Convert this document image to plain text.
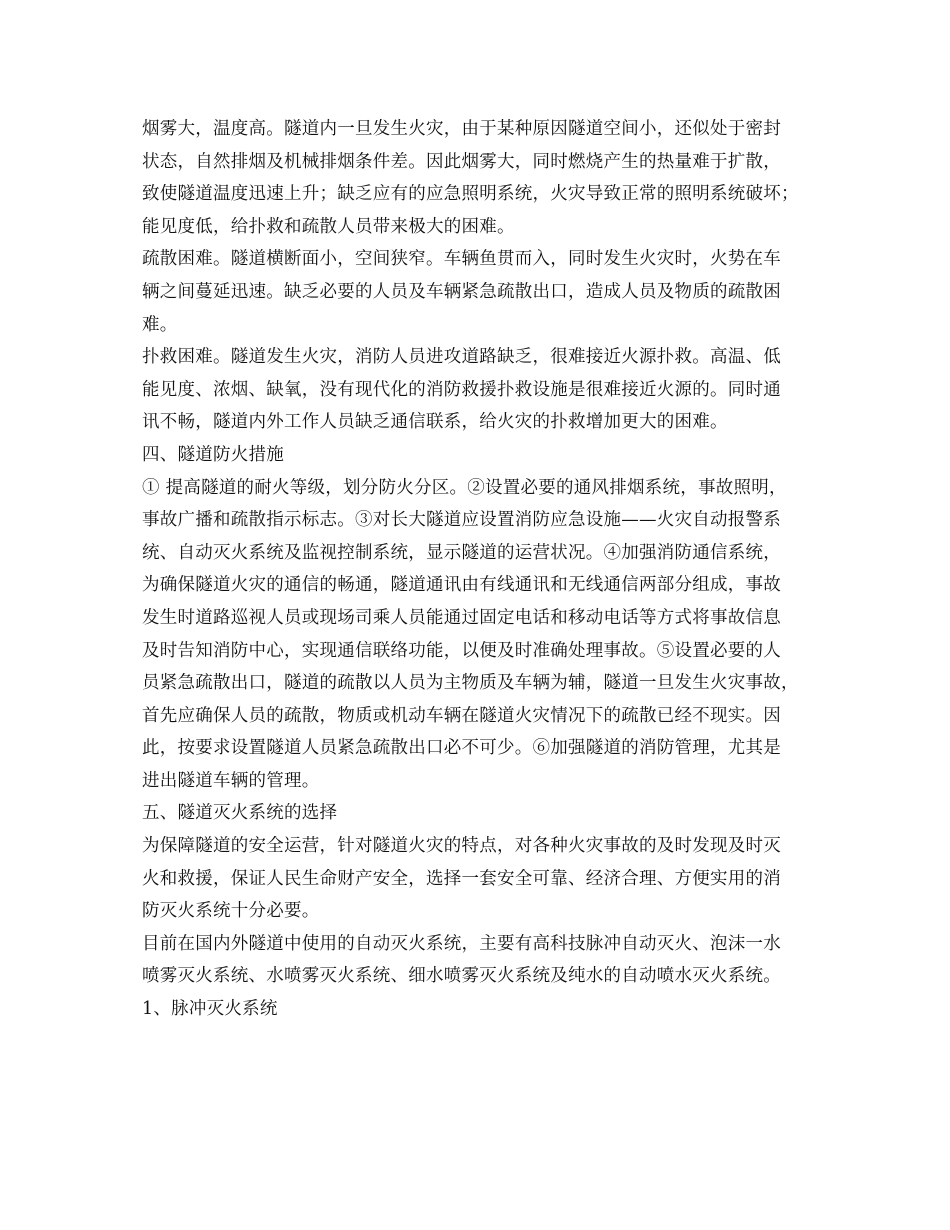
烟雾大，温度高。隧道内一旦发生火灾，由于某种原因隧道空间小，还似处于密封
状态，自然排烟及机械排烟条件差。因此烟雾大，同时燃烧产生的热量难于扩散，
致使隧道温度迅速上升；缺乏应有的应急照明系统，火灾导致正常的照明系统破坏；
能见度低，给扑救和疏散人员带来极大的困难。
疏散困难。隧道横断面小，空间狭窄。车辆鱼贯而入，同时发生火灾时，火势在车
辆之间蔓延迅速。缺乏必要的人员及车辆紧急疏散出口，造成人员及物质的疏散困
难。
扑救困难。隧道发生火灾，消防人员进攻道路缺乏，很难接近火源扑救。高温、低
能见度、浓烟、缺氧，没有现代化的消防救援扑救设施是很难接近火源的。同时通
讯不畅，隧道内外工作人员缺乏通信联系，给火灾的扑救增加更大的困难。
四、隧道防火措施
① 提高隧道的耐火等级，划分防火分区。②设置必要的通风排烟系统，事故照明，
事故广播和疏散指示标志。③对长大隧道应设置消防应急设施——火灾自动报警系
统、自动灭火系统及监视控制系统，显示隧道的运营状况。④加强消防通信系统，
为确保隧道火灾的通信的畅通，隧道通讯由有线通讯和无线通信两部分组成，事故
发生时道路巡视人员或现场司乘人员能通过固定电话和移动电话等方式将事故信息
及时告知消防中心，实现通信联络功能，以便及时准确处理事故。⑤设置必要的人
员紧急疏散出口，隧道的疏散以人员为主物质及车辆为辅，隧道一旦发生火灾事故，
首先应确保人员的疏散，物质或机动车辆在隧道火灾情况下的疏散已经不现实。因
此，按要求设置隧道人员紧急疏散出口必不可少。⑥加强隧道的消防管理，尤其是
进出隧道车辆的管理。
五、隧道灭火系统的选择
为保障隧道的安全运营，针对隧道火灾的特点，对各种火灾事故的及时发现及时灭
火和救援，保证人民生命财产安全，选择一套安全可靠、经济合理、方便实用的消
防灭火系统十分必要。
目前在国内外隧道中使用的自动灭火系统，主要有高科技脉冲自动灭火、泡沫一水
喷雾灭火系统、水喷雾灭火系统、细水喷雾灭火系统及纯水的自动喷水灭火系统。
1、脉冲灭火系统
